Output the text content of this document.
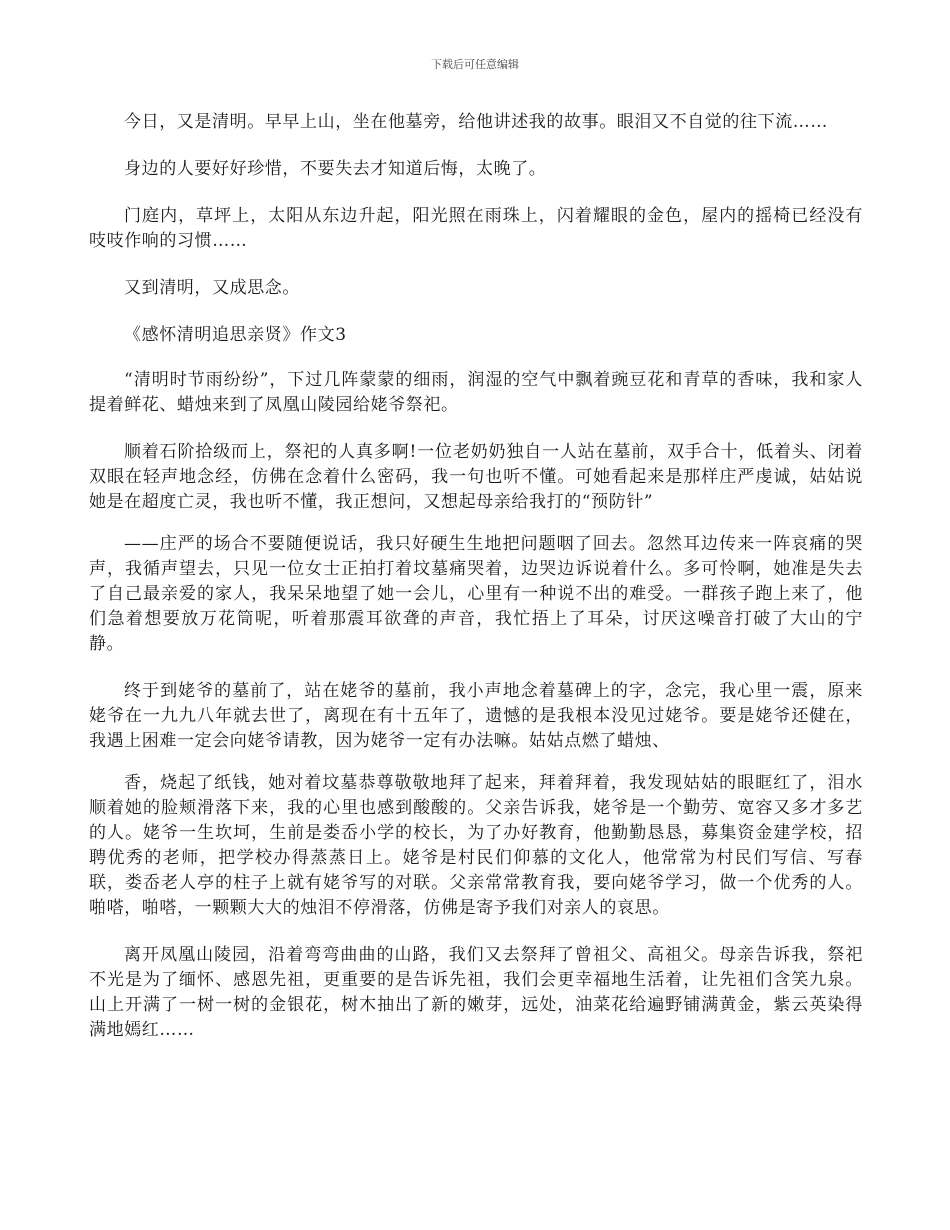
下载后可任意编辑

今日，又是清明。早早上山，坐在他墓旁，给他讲述我的故事。眼泪又不自觉的往下流……

身边的人要好好珍惜，不要失去才知道后悔，太晚了。

门庭内，草坪上，太阳从东边升起，阳光照在雨珠上，闪着耀眼的金色，屋内的摇椅已经没有吱吱作响的习惯……

又到清明，又成思念。

《感怀清明追思亲贤》作文3

“清明时节雨纷纷”，下过几阵蒙蒙的细雨，润湿的空气中飘着豌豆花和青草的香味，我和家人提着鲜花、蜡烛来到了凤凰山陵园给姥爷祭祀。

顺着石阶拾级而上，祭祀的人真多啊!一位老奶奶独自一人站在墓前，双手合十，低着头、闭着双眼在轻声地念经，仿佛在念着什么密码，我一句也听不懂。可她看起来是那样庄严虔诚，姑姑说她是在超度亡灵，我也听不懂，我正想问，又想起母亲给我打的“预防针”

——庄严的场合不要随便说话，我只好硬生生地把问题咽了回去。忽然耳边传来一阵哀痛的哭声，我循声望去，只见一位女士正拍打着坟墓痛哭着，边哭边诉说着什么。多可怜啊，她准是失去了自己最亲爱的家人，我呆呆地望了她一会儿，心里有一种说不出的难受。一群孩子跑上来了，他们急着想要放万花筒呢，听着那震耳欲聋的声音，我忙捂上了耳朵，讨厌这噪音打破了大山的宁静。

终于到姥爷的墓前了，站在姥爷的墓前，我小声地念着墓碑上的字，念完，我心里一震，原来姥爷在一九九八年就去世了，离现在有十五年了，遗憾的是我根本没见过姥爷。要是姥爷还健在，我遇上困难一定会向姥爷请教，因为姥爷一定有办法嘛。姑姑点燃了蜡烛、

香，烧起了纸钱，她对着坟墓恭尊敬敬地拜了起来，拜着拜着，我发现姑姑的眼眶红了，泪水顺着她的脸颊滑落下来，我的心里也感到酸酸的。父亲告诉我，姥爷是一个勤劳、宽容又多才多艺的人。姥爷一生坎坷，生前是娄岙小学的校长，为了办好教育，他勤勤恳恳，募集资金建学校，招聘优秀的老师，把学校办得蒸蒸日上。姥爷是村民们仰慕的文化人，他常常为村民们写信、写春联，娄岙老人亭的柱子上就有姥爷写的对联。父亲常常教育我，要向姥爷学习，做一个优秀的人。啪嗒，啪嗒，一颗颗大大的烛泪不停滑落，仿佛是寄予我们对亲人的哀思。

离开凤凰山陵园，沿着弯弯曲曲的山路，我们又去祭拜了曾祖父、高祖父。母亲告诉我，祭祀不光是为了缅怀、感恩先祖，更重要的是告诉先祖，我们会更幸福地生活着，让先祖们含笑九泉。山上开满了一树一树的金银花，树木抽出了新的嫩芽，远处，油菜花给遍野铺满黄金，紫云英染得满地嫣红……
